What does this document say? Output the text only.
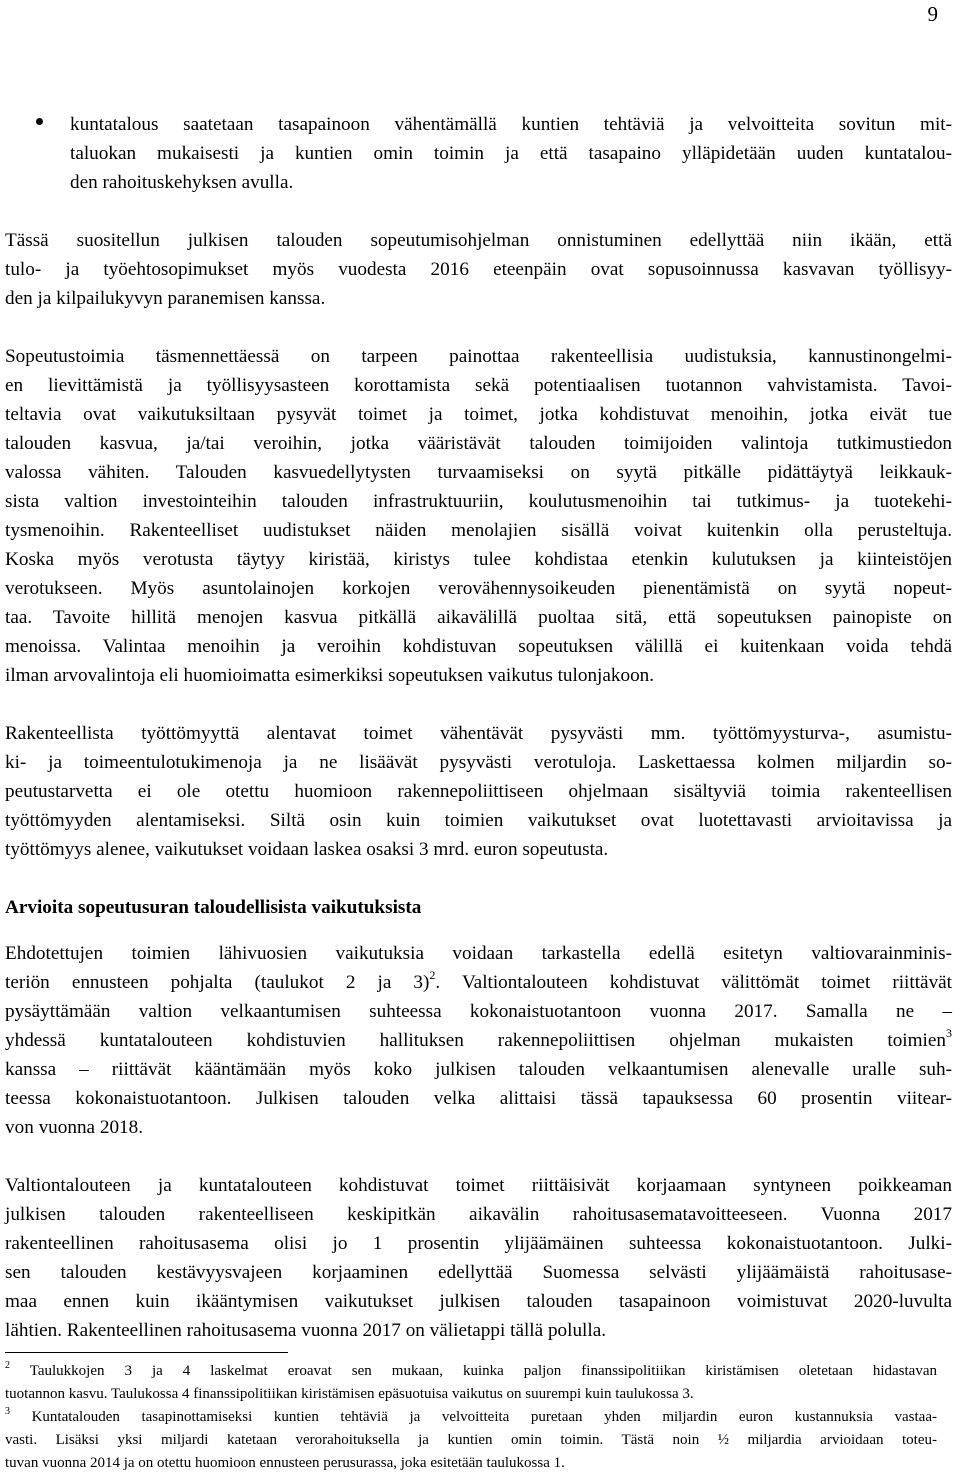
9
kuntatalous saatetaan tasapainoon vähentämällä kuntien tehtäviä ja velvoitteita sovitun mit-
taluokan mukaisesti ja kuntien omin toimin ja että tasapaino ylläpidetään uuden kuntatalou-
den rahoituskehyksen avulla.
Tässä suositellun julkisen talouden sopeutumisohjelman onnistuminen edellyttää niin ikään, että
tulo- ja työehtosopimukset myös vuodesta 2016 eteenpäin ovat sopusoinnussa kasvavan työllisyy-
den ja kilpailukyvyn paranemisen kanssa.
Sopeutustoimia täsmennettäessä on tarpeen painottaa rakenteellisia uudistuksia, kannustinongelmi-
en lievittämistä ja työllisyysasteen korottamista sekä potentiaalisen tuotannon vahvistamista. Tavoi-
teltavia ovat vaikutuksiltaan pysyvät toimet ja toimet, jotka kohdistuvat menoihin, jotka eivät tue
talouden kasvua, ja/tai veroihin, jotka vääristävät talouden toimijoiden valintoja tutkimustiedon
valossa vähiten. Talouden kasvuedellytysten turvaamiseksi on syytä pitkälle pidättäytyä leikkauk-
sista valtion investointeihin talouden infrastruktuuriin, koulutusmenoihin tai tutkimus- ja tuotekehi-
tysmenoihin. Rakenteelliset uudistukset näiden menolajien sisällä voivat kuitenkin olla perusteltuja.
Koska myös verotusta täytyy kiristää, kiristys tulee kohdistaa etenkin kulutuksen ja kiinteistöjen
verotukseen. Myös asuntolainojen korkojen verovähennysoikeuden pienentämistä on syytä nopeut-
taa. Tavoite hillitä menojen kasvua pitkällä aikavälillä puoltaa sitä, että sopeutuksen painopiste on
menoissa. Valintaa menoihin ja veroihin kohdistuvan sopeutuksen välillä ei kuitenkaan voida tehdä
ilman arvovalintoja eli huomioimatta esimerkiksi sopeutuksen vaikutus tulonjakoon.
Rakenteellista työttömyyttä alentavat toimet vähentävät pysyvästi mm. työttömyysturva-, asumistu-
ki- ja toimeentulotukimenoja ja ne lisäävät pysyvästi verotuloja. Laskettaessa kolmen miljardin so-
peutustarvetta ei ole otettu huomioon rakennepoliittiseen ohjelmaan sisältyviä toimia rakenteellisen
työttömyyden alentamiseksi. Siltä osin kuin toimien vaikutukset ovat luotettavasti arvioitavissa ja
työttömyys alenee, vaikutukset voidaan laskea osaksi 3 mrd. euron sopeutusta.
Arvioita sopeutusuran taloudellisista vaikutuksista
Ehdotettujen toimien lähivuosien vaikutuksia voidaan tarkastella edellä esitetyn valtiovarainminis-
teriön ennusteen pohjalta (taulukot 2 ja 3)$^2$. Valtiontalouteen kohdistuvat välittömät toimet riittävät
pysäyttämään valtion velkaantumisen suhteessa kokonaistuotantoon vuonna 2017. Samalla ne –
yhdessä kuntatalouteen kohdistuvien hallituksen rakennepoliittisen ohjelman mukaisten toimien$^3$
kanssa – riittävät kääntämään myös koko julkisen talouden velkaantumisen alenevalle uralle suh-
teessa kokonaistuotantoon. Julkisen talouden velka alittaisi tässä tapauksessa 60 prosentin viitear-
von vuonna 2018.
Valtiontalouteen ja kuntatalouteen kohdistuvat toimet riittäisivät korjaamaan syntyneen poikkeaman
julkisen talouden rakenteelliseen keskipitkän aikavälin rahoitusasematavoitteeseen. Vuonna 2017
rakenteellinen rahoitusasema olisi jo 1 prosentin ylijäämäinen suhteessa kokonaistuotantoon. Julki-
sen talouden kestävyysvajeen korjaaminen edellyttää Suomessa selvästi ylijäämäistä rahoitusase-
maa ennen kuin ikääntymisen vaikutukset julkisen talouden tasapainoon voimistuvat 2020-luvulta
lähtien. Rakenteellinen rahoitusasema vuonna 2017 on välietappi tällä polulla.
$^2$ Taulukkojen 3 ja 4 laskelmat eroavat sen mukaan, kuinka paljon finanssipolitiikan kiristämisen oletetaan hidastavan
tuotannon kasvu. Taulukossa 4 finanssipolitiikan kiristämisen epäsuotuisa vaikutus on suurempi kuin taulukossa 3.
$^3$ Kuntatalouden tasapinottamiseksi kuntien tehtäviä ja velvoitteita puretaan yhden miljardin euron kustannuksia vastaa-
vasti. Lisäksi yksi miljardi katetaan verorahoituksella ja kuntien omin toimin. Tästä noin ½ miljardia arvioidaan toteu-
tuvan vuonna 2014 ja on otettu huomioon ennusteen perusurassa, joka esitetään taulukossa 1.
